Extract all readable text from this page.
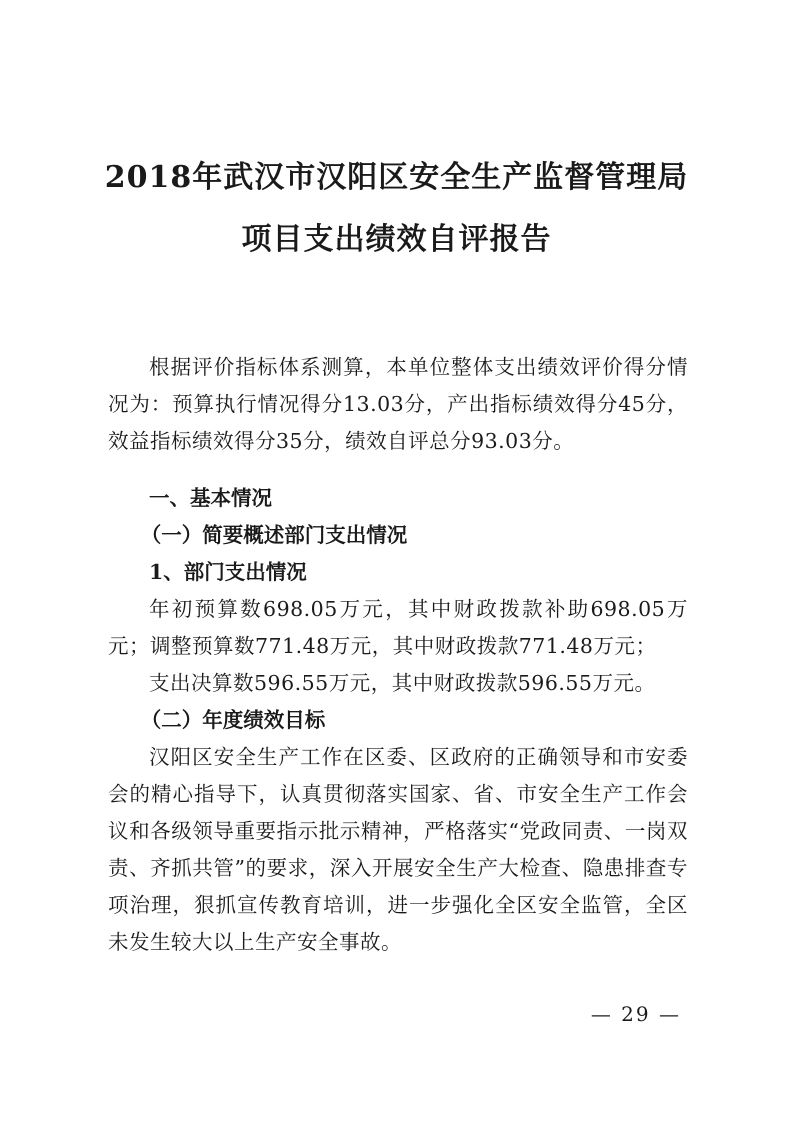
2018年武汉市汉阳区安全生产监督管理局
项目支出绩效自评报告

根据评价指标体系测算，本单位整体支出绩效评价得分情况为：预算执行情况得分13.03分，产出指标绩效得分45分，效益指标绩效得分35分，绩效自评总分93.03分。

一、基本情况

（一）简要概述部门支出情况

1、部门支出情况

年初预算数698.05万元，其中财政拨款补助698.05万元；调整预算数771.48万元，其中财政拨款771.48万元；

支出决算数596.55万元，其中财政拨款596.55万元。

（二）年度绩效目标

汉阳区安全生产工作在区委、区政府的正确领导和市安委会的精心指导下，认真贯彻落实国家、省、市安全生产工作会议和各级领导重要指示批示精神，严格落实“党政同责、一岗双责、齐抓共管”的要求，深入开展安全生产大检查、隐患排查专项治理，狠抓宣传教育培训，进一步强化全区安全监管，全区未发生较大以上生产安全事故。

— 29 —
